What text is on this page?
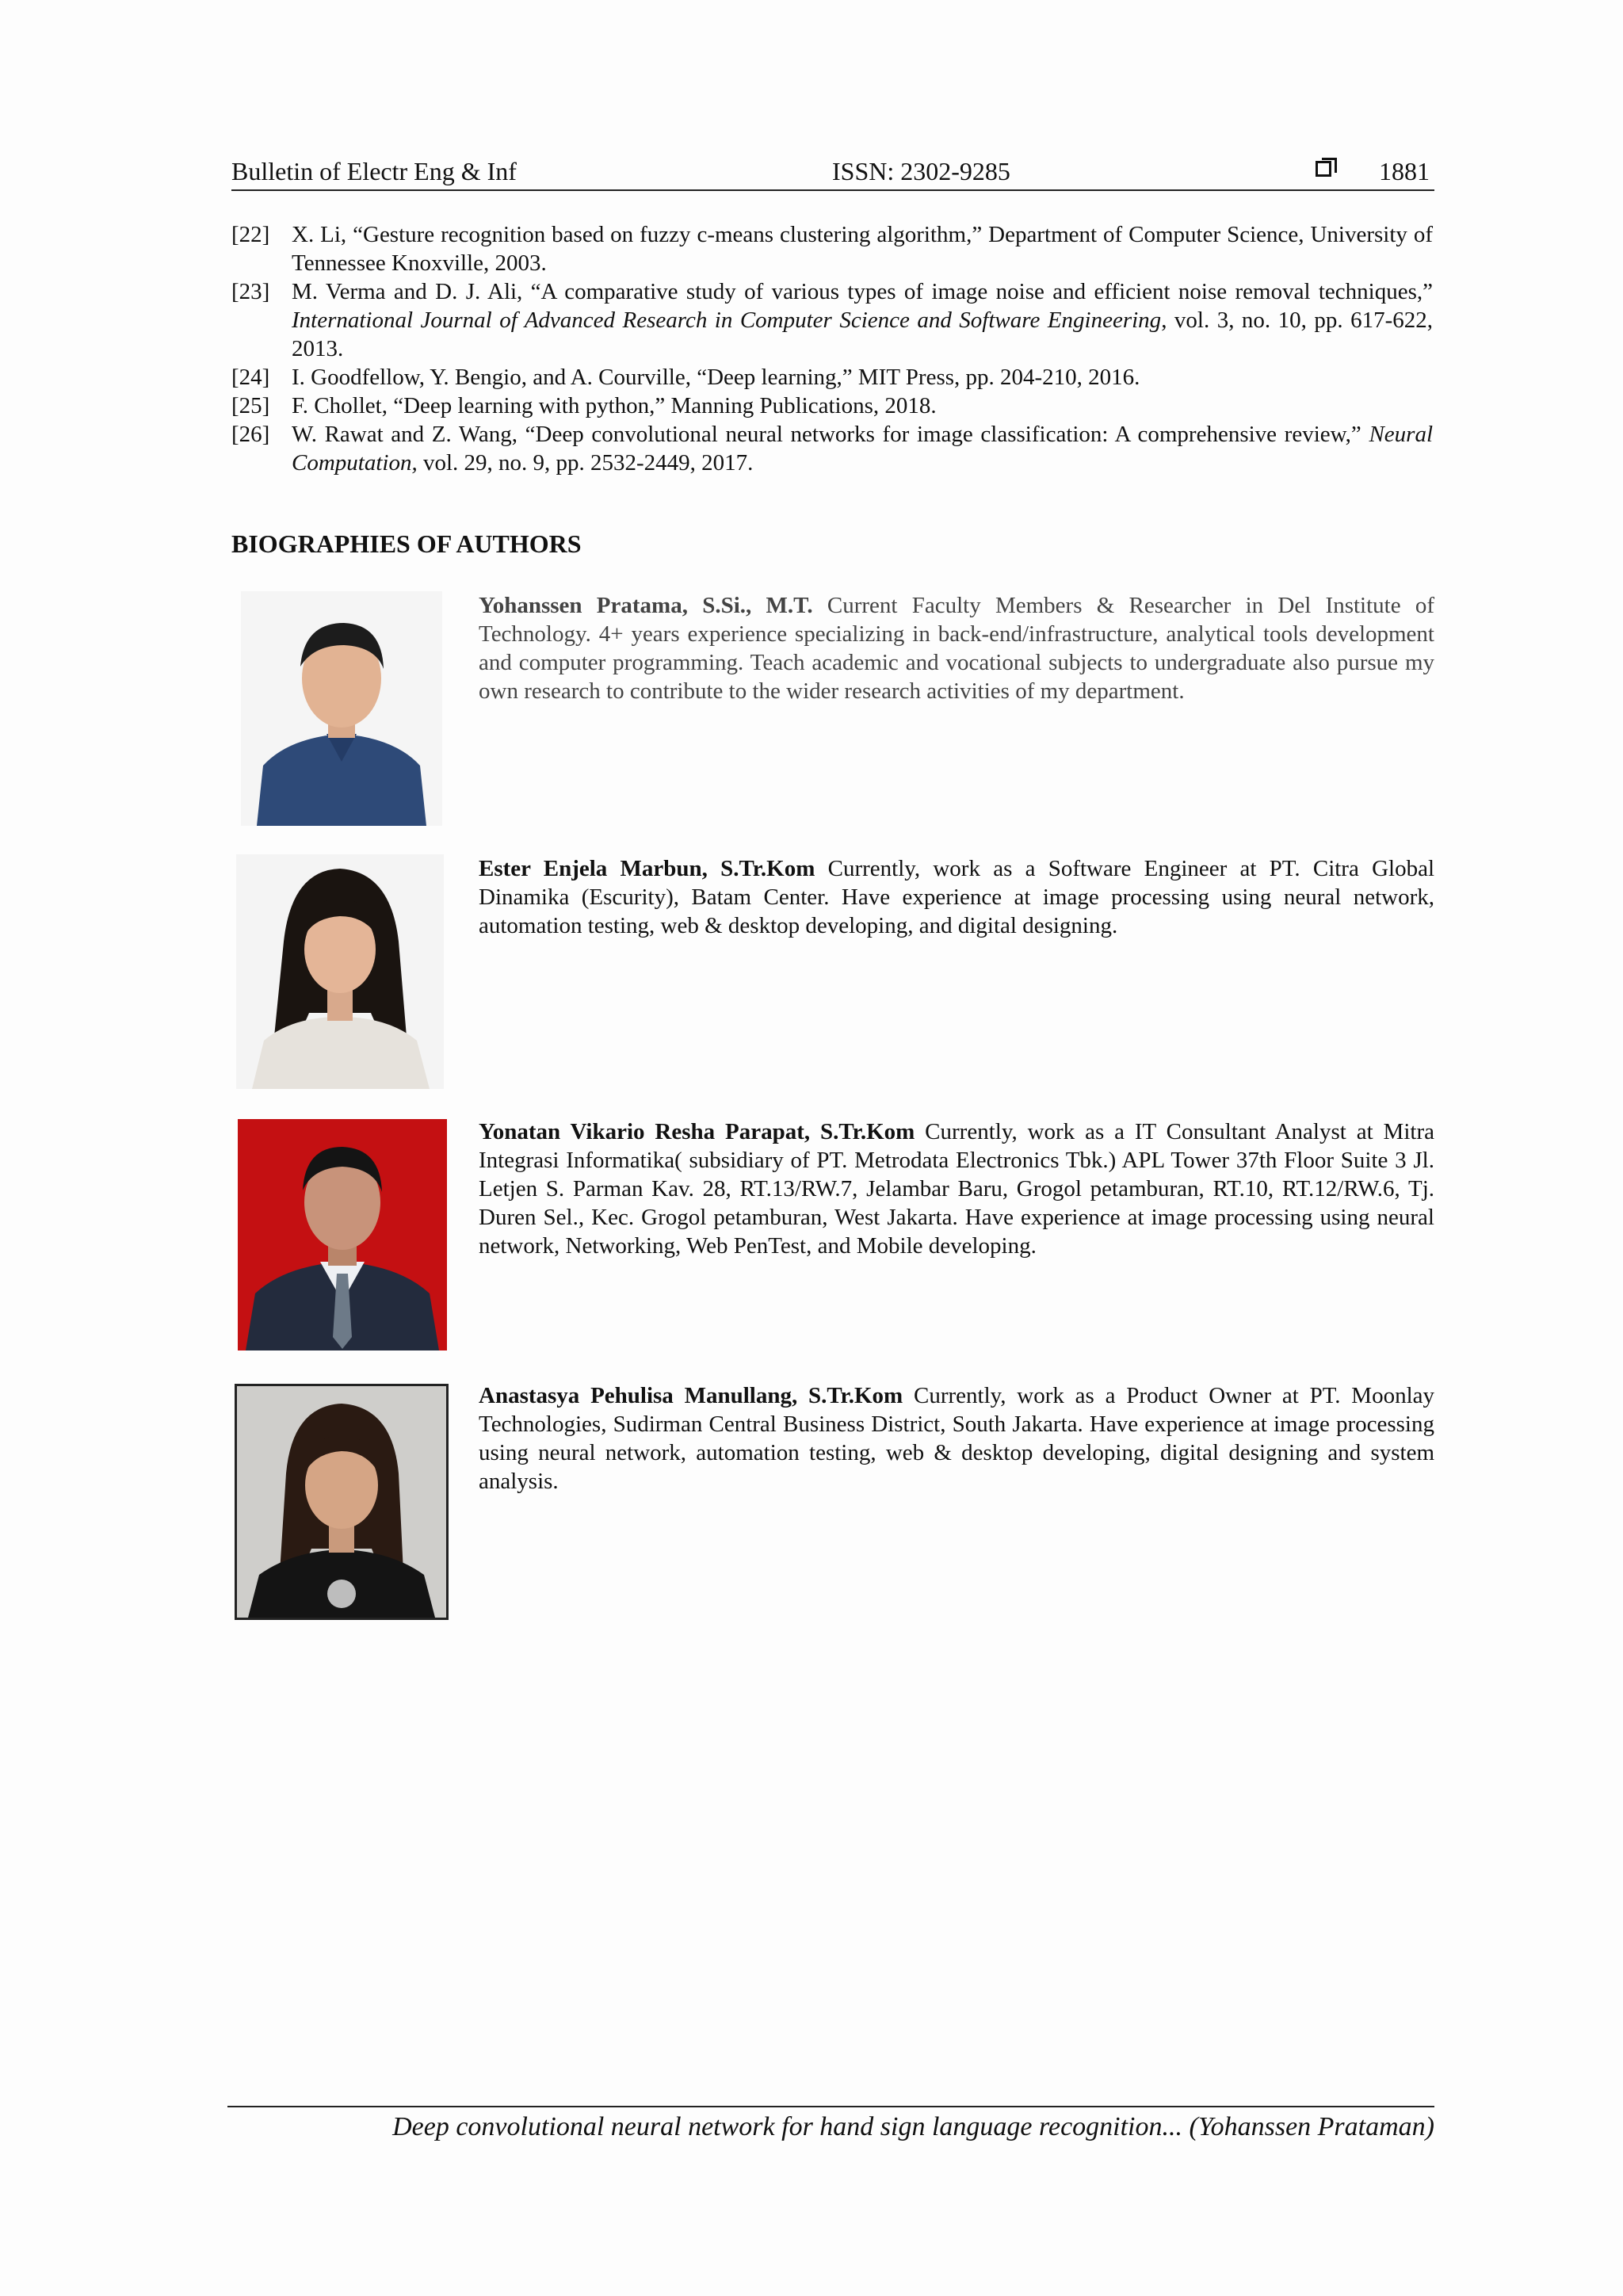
Bulletin of Electr Eng & Inf	ISSN: 2302-9285	1881
[22] X. Li, “Gesture recognition based on fuzzy c-means clustering algorithm,” Department of Computer Science, University of Tennessee Knoxville, 2003.
[23] M. Verma and D. J. Ali, “A comparative study of various types of image noise and efficient noise removal techniques,” International Journal of Advanced Research in Computer Science and Software Engineering, vol. 3, no. 10, pp. 617-622, 2013.
[24] I. Goodfellow, Y. Bengio, and A. Courville, “Deep learning,” MIT Press, pp. 204-210, 2016.
[25] F. Chollet, “Deep learning with python,” Manning Publications, 2018.
[26] W. Rawat and Z. Wang, “Deep convolutional neural networks for image classification: A comprehensive review,” Neural Computation, vol. 29, no. 9, pp. 2532-2449, 2017.
BIOGRAPHIES OF AUTHORS
Yohanssen Pratama, S.Si., M.T. Current Faculty Members & Researcher in Del Institute of Technology. 4+ years experience specializing in back-end/infrastructure, analytical tools development and computer programming. Teach academic and vocational subjects to undergraduate also pursue my own research to contribute to the wider research activities of my department.
Ester Enjela Marbun, S.Tr.Kom Currently, work as a Software Engineer at PT. Citra Global Dinamika (Escurity), Batam Center. Have experience at image processing using neural network, automation testing, web & desktop developing, and digital designing.
Yonatan Vikario Resha Parapat, S.Tr.Kom Currently, work as a IT Consultant Analyst at Mitra Integrasi Informatika( subsidiary of PT. Metrodata Electronics Tbk.) APL Tower 37th Floor Suite 3 Jl. Letjen S. Parman Kav. 28, RT.13/RW.7, Jelambar Baru, Grogol petamburan, RT.10, RT.12/RW.6, Tj. Duren Sel., Kec. Grogol petamburan, West Jakarta. Have experience at image processing using neural network, Networking, Web PenTest, and Mobile developing.
Anastasya Pehulisa Manullang, S.Tr.Kom Currently, work as a Product Owner at PT. Moonlay Technologies, Sudirman Central Business District, South Jakarta. Have experience at image processing using neural network, automation testing, web & desktop developing, digital designing and system analysis.
Deep convolutional neural network for hand sign language recognition... (Yohanssen Prataman)
